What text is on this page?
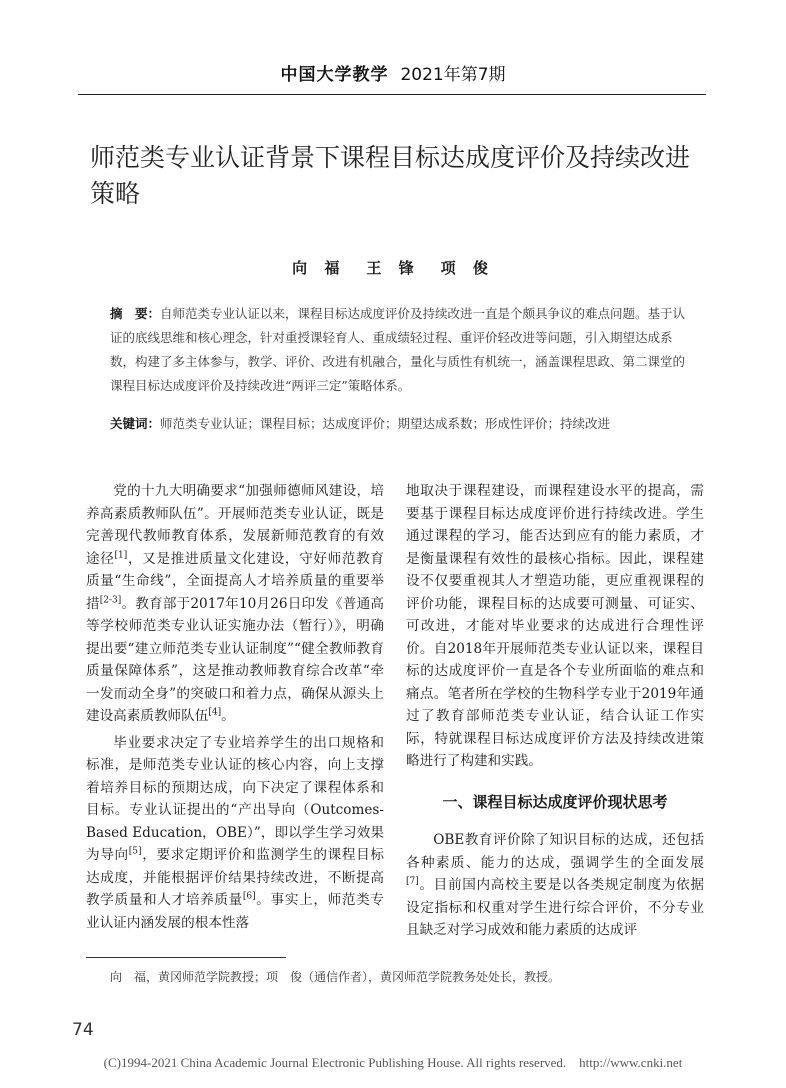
中国大学教学 2021年第7期
师范类专业认证背景下课程目标达成度评价及持续改进策略
向 福　王 锋　项 俊
摘　要：自师范类专业认证以来，课程目标达成度评价及持续改进一直是个颇具争议的难点问题。基于认证的底线思维和核心理念，针对重授课轻育人、重成绩轻过程、重评价轻改进等问题，引入期望达成系数，构建了多主体参与，教学、评价、改进有机融合，量化与质性有机统一，涵盖课程思政、第二课堂的课程目标达成度评价及持续改进“两评三定”策略体系。
关键词：师范类专业认证；课程目标；达成度评价；期望达成系数；形成性评价；持续改进

党的十九大明确要求“加强师德师风建设，培养高素质教师队伍”。开展师范类专业认证，既是完善现代教师教育体系，发展新师范教育的有效途径[1]，又是推进质量文化建设，守好师范教育质量“生命线”，全面提高人才培养质量的重要举措[2-3]。教育部于2017年10月26日印发《普通高等学校师范类专业认证实施办法（暂行）》，明确提出要“建立师范类专业认证制度”“健全教师教育质量保障体系”，这是推动教师教育综合改革“牵一发而动全身”的突破口和着力点，确保从源头上建设高素质教师队伍[4]。

毕业要求决定了专业培养学生的出口规格和标准，是师范类专业认证的核心内容，向上支撑着培养目标的预期达成，向下决定了课程体系和目标。专业认证提出的“产出导向（Outcomes-Based Education，OBE）”，即以学生学习效果为导向[5]，要求定期评价和监测学生的课程目标达成度，并能根据评价结果持续改进，不断提高教学质量和人才培养质量[6]。事实上，师范类专业认证内涵发展的根本性落

地取决于课程建设，而课程建设水平的提高，需要基于课程目标达成度评价进行持续改进。学生通过课程的学习，能否达到应有的能力素质，才是衡量课程有效性的最核心指标。因此，课程建设不仅要重视其人才塑造功能，更应重视课程的评价功能，课程目标的达成要可测量、可证实、可改进，才能对毕业要求的达成进行合理性评价。自2018年开展师范类专业认证以来，课程目标的达成度评价一直是各个专业所面临的难点和痛点。笔者所在学校的生物科学专业于2019年通过了教育部师范类专业认证，结合认证工作实际，特就课程目标达成度评价方法及持续改进策略进行了构建和实践。

一、课程目标达成度评价现状思考

OBE教育评价除了知识目标的达成，还包括各种素质、能力的达成，强调学生的全面发展[7]。目前国内高校主要是以各类规定制度为依据设定指标和权重对学生进行综合评价，不分专业且缺乏对学习成效和能力素质的达成评

向　福，黄冈师范学院教授；项　俊（通信作者），黄冈师范学院教务处处长，教授。
74
(C)1994-2021 China Academic Journal Electronic Publishing House. All rights reserved.　http://www.cnki.net
